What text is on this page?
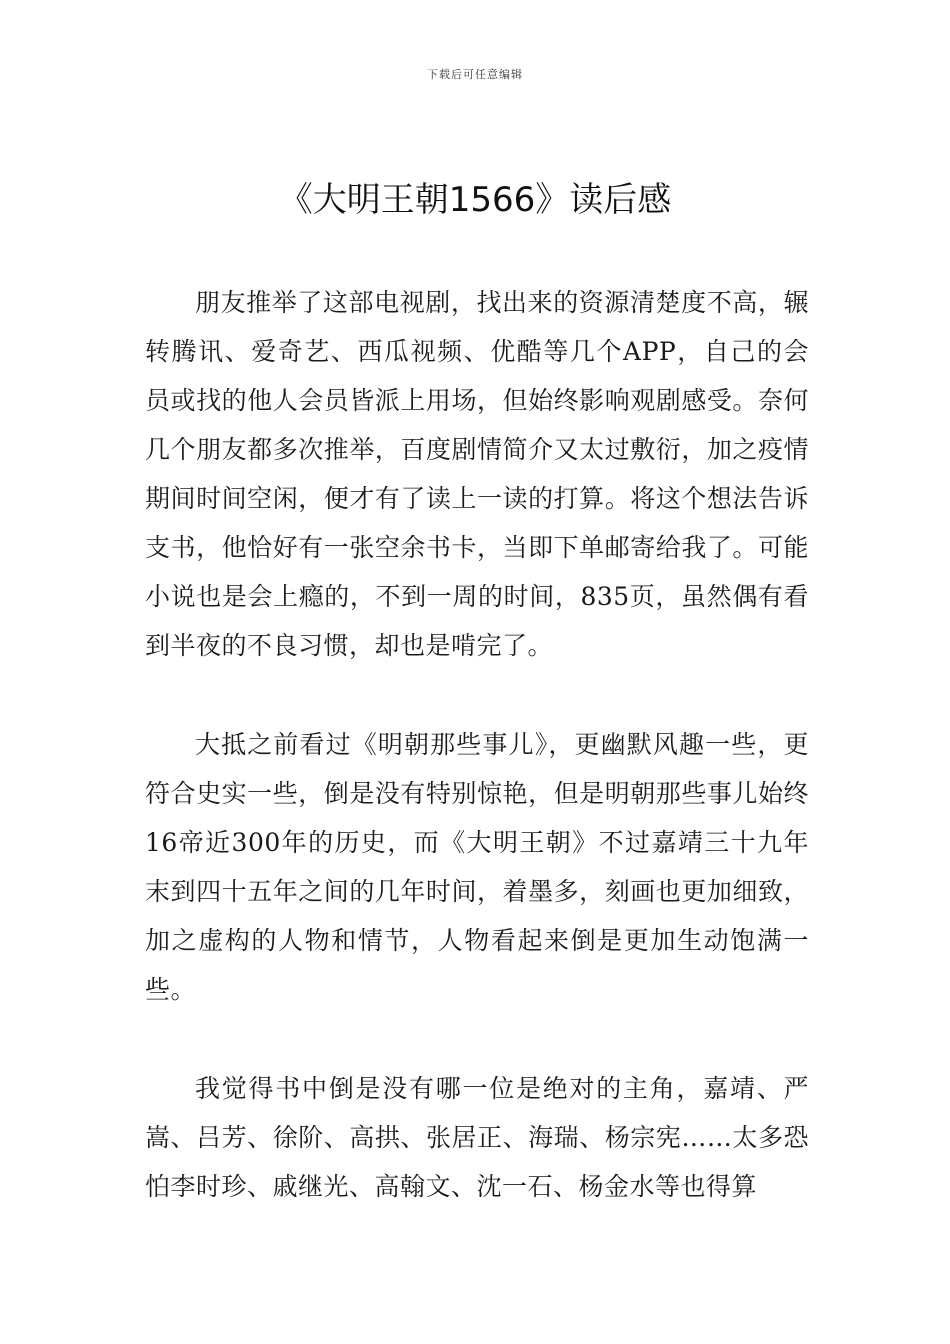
下载后可任意编辑
《大明王朝1566》读后感

朋友推举了这部电视剧，找出来的资源清楚度不高，辗转腾讯、爱奇艺、西瓜视频、优酷等几个APP，自己的会员或找的他人会员皆派上用场，但始终影响观剧感受。奈何几个朋友都多次推举，百度剧情简介又太过敷衍，加之疫情期间时间空闲，便才有了读上一读的打算。将这个想法告诉支书，他恰好有一张空余书卡，当即下单邮寄给我了。可能小说也是会上瘾的，不到一周的时间，835页，虽然偶有看到半夜的不良习惯，却也是啃完了。

大抵之前看过《明朝那些事儿》，更幽默风趣一些，更符合史实一些，倒是没有特别惊艳，但是明朝那些事儿始终16帝近300年的历史，而《大明王朝》不过嘉靖三十九年末到四十五年之间的几年时间，着墨多，刻画也更加细致，加之虚构的人物和情节，人物看起来倒是更加生动饱满一些。

我觉得书中倒是没有哪一位是绝对的主角，嘉靖、严嵩、吕芳、徐阶、高拱、张居正、海瑞、杨宗宪……太多恐怕李时珍、戚继光、高翰文、沈一石、杨金水等也得算
